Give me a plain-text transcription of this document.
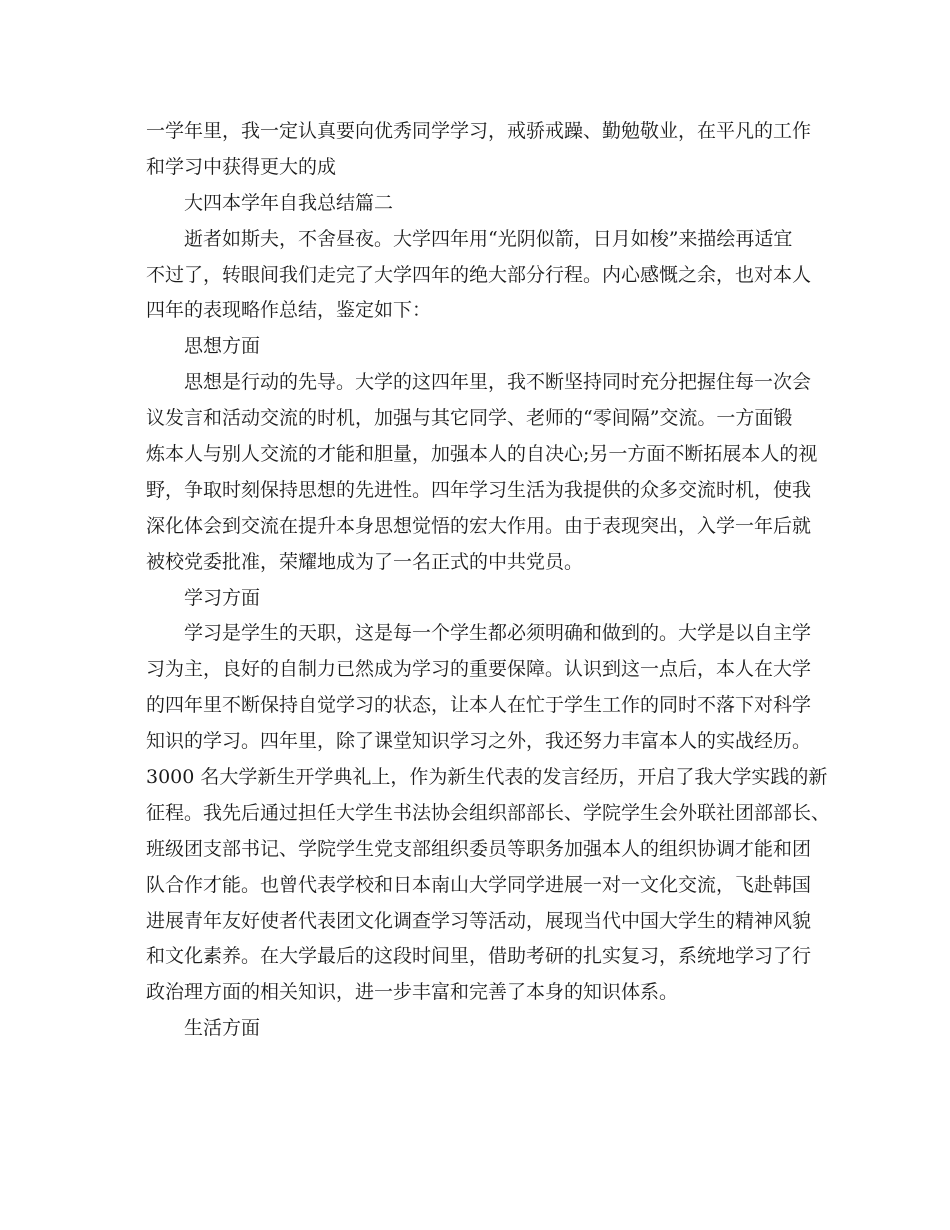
一学年里，我一定认真要向优秀同学学习，戒骄戒躁、勤勉敬业，在平凡的工作
和学习中获得更大的成
大四本学年自我总结篇二
逝者如斯夫，不舍昼夜。大学四年用“光阴似箭，日月如梭”来描绘再适宜
不过了，转眼间我们走完了大学四年的绝大部分行程。内心感慨之余，也对本人
四年的表现略作总结，鉴定如下：
思想方面
思想是行动的先导。大学的这四年里，我不断坚持同时充分把握住每一次会
议发言和活动交流的时机，加强与其它同学、老师的“零间隔”交流。一方面锻
炼本人与别人交流的才能和胆量，加强本人的自决心;另一方面不断拓展本人的视
野，争取时刻保持思想的先进性。四年学习生活为我提供的众多交流时机，使我
深化体会到交流在提升本身思想觉悟的宏大作用。由于表现突出，入学一年后就
被校党委批准，荣耀地成为了一名正式的中共党员。
学习方面
学习是学生的天职，这是每一个学生都必须明确和做到的。大学是以自主学
习为主，良好的自制力已然成为学习的重要保障。认识到这一点后，本人在大学
的四年里不断保持自觉学习的状态，让本人在忙于学生工作的同时不落下对科学
知识的学习。四年里，除了课堂知识学习之外，我还努力丰富本人的实战经历。
3000 名大学新生开学典礼上，作为新生代表的发言经历，开启了我大学实践的新
征程。我先后通过担任大学生书法协会组织部部长、学院学生会外联社团部部长、
班级团支部书记、学院学生党支部组织委员等职务加强本人的组织协调才能和团
队合作才能。也曾代表学校和日本南山大学同学进展一对一文化交流，飞赴韩国
进展青年友好使者代表团文化调查学习等活动，展现当代中国大学生的精神风貌
和文化素养。在大学最后的这段时间里，借助考研的扎实复习，系统地学习了行
政治理方面的相关知识，进一步丰富和完善了本身的知识体系。
生活方面
